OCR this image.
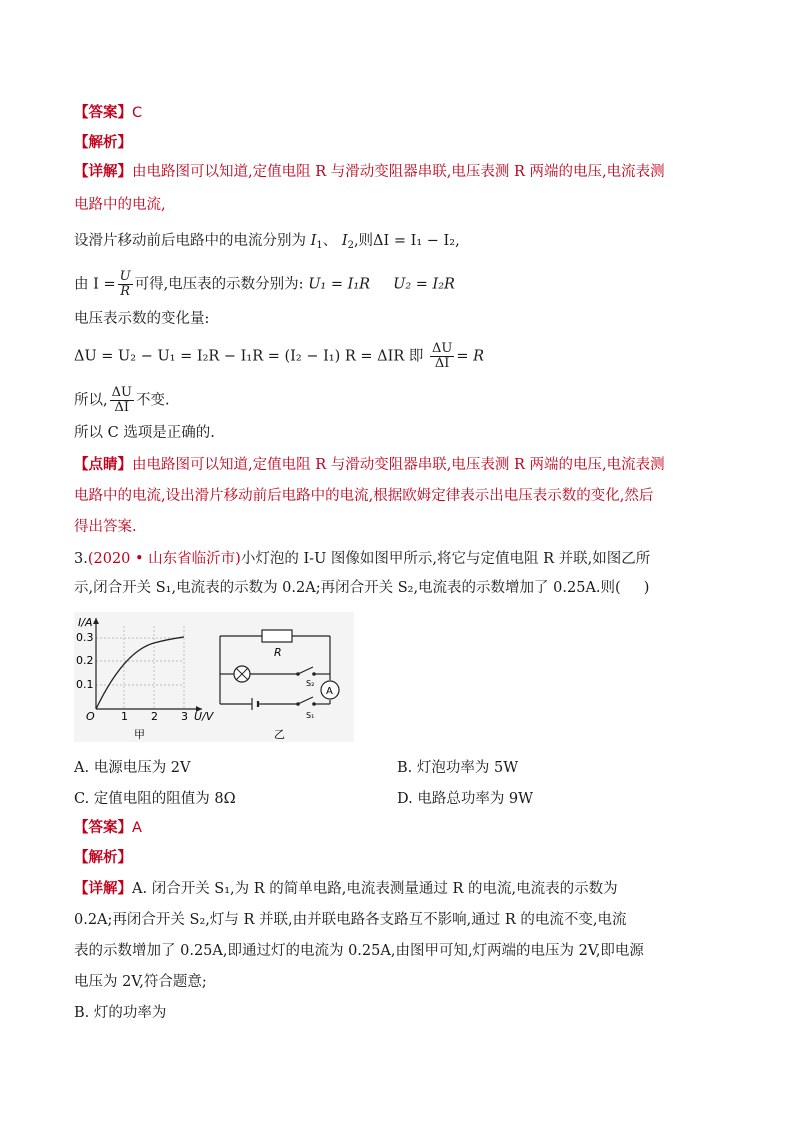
【答案】C
【解析】
【详解】由电路图可以知道,定值电阻 R 与滑动变阻器串联,电压表测 R 两端的电压,电流表测
电路中的电流,
设滑片移动前后电路中的电流分别为 $I_1$、 $I_2$,则ΔI = I₁ − I₂,
由 $I = \frac{U}{R}$ 可得,电压表的示数分别为: U₁ = I₁R U₂ = I₂R
电压表示数的变化量:
ΔU = U₂ − U₁ = I₂R − I₁R = (I₂ − I₁) R = ΔIR 即 $\frac{\Delta U}{\Delta I} = R$
所以, $\frac{\Delta U}{\Delta I}$ 不变.
所以 C 选项是正确的.
【点睛】由电路图可以知道,定值电阻 R 与滑动变阻器串联,电压表测 R 两端的电压,电流表测
电路中的电流,设出滑片移动前后电路中的电流,根据欧姆定律表示出电压表示数的变化,然后
得出答案.
3.(2020 • 山东省临沂市)小灯泡的 I-U 图像如图甲所示,将它与定值电阻 R 并联,如图乙所
示,闭合开关 S₁,电流表的示数为 0.2A;再闭合开关 S₂,电流表的示数增加了 0.25A.则( )
I/A
0.3
0.2
0.1
O 1 2 3 U/V
甲
R
S₂
A
S₁
乙
A. 电源电压为 2V	B. 灯泡功率为 5W
C. 定值电阻的阻值为 8Ω	D. 电路总功率为 9W
【答案】A
【解析】
【详解】A. 闭合开关 S₁,为 R 的简单电路,电流表测量通过 R 的电流,电流表的示数为
0.2A;再闭合开关 S₂,灯与 R 并联,由并联电路各支路互不影响,通过 R 的电流不变,电流
表的示数增加了 0.25A,即通过灯的电流为 0.25A,由图甲可知,灯两端的电压为 2V,即电源
电压为 2V,符合题意;
B. 灯的功率为
